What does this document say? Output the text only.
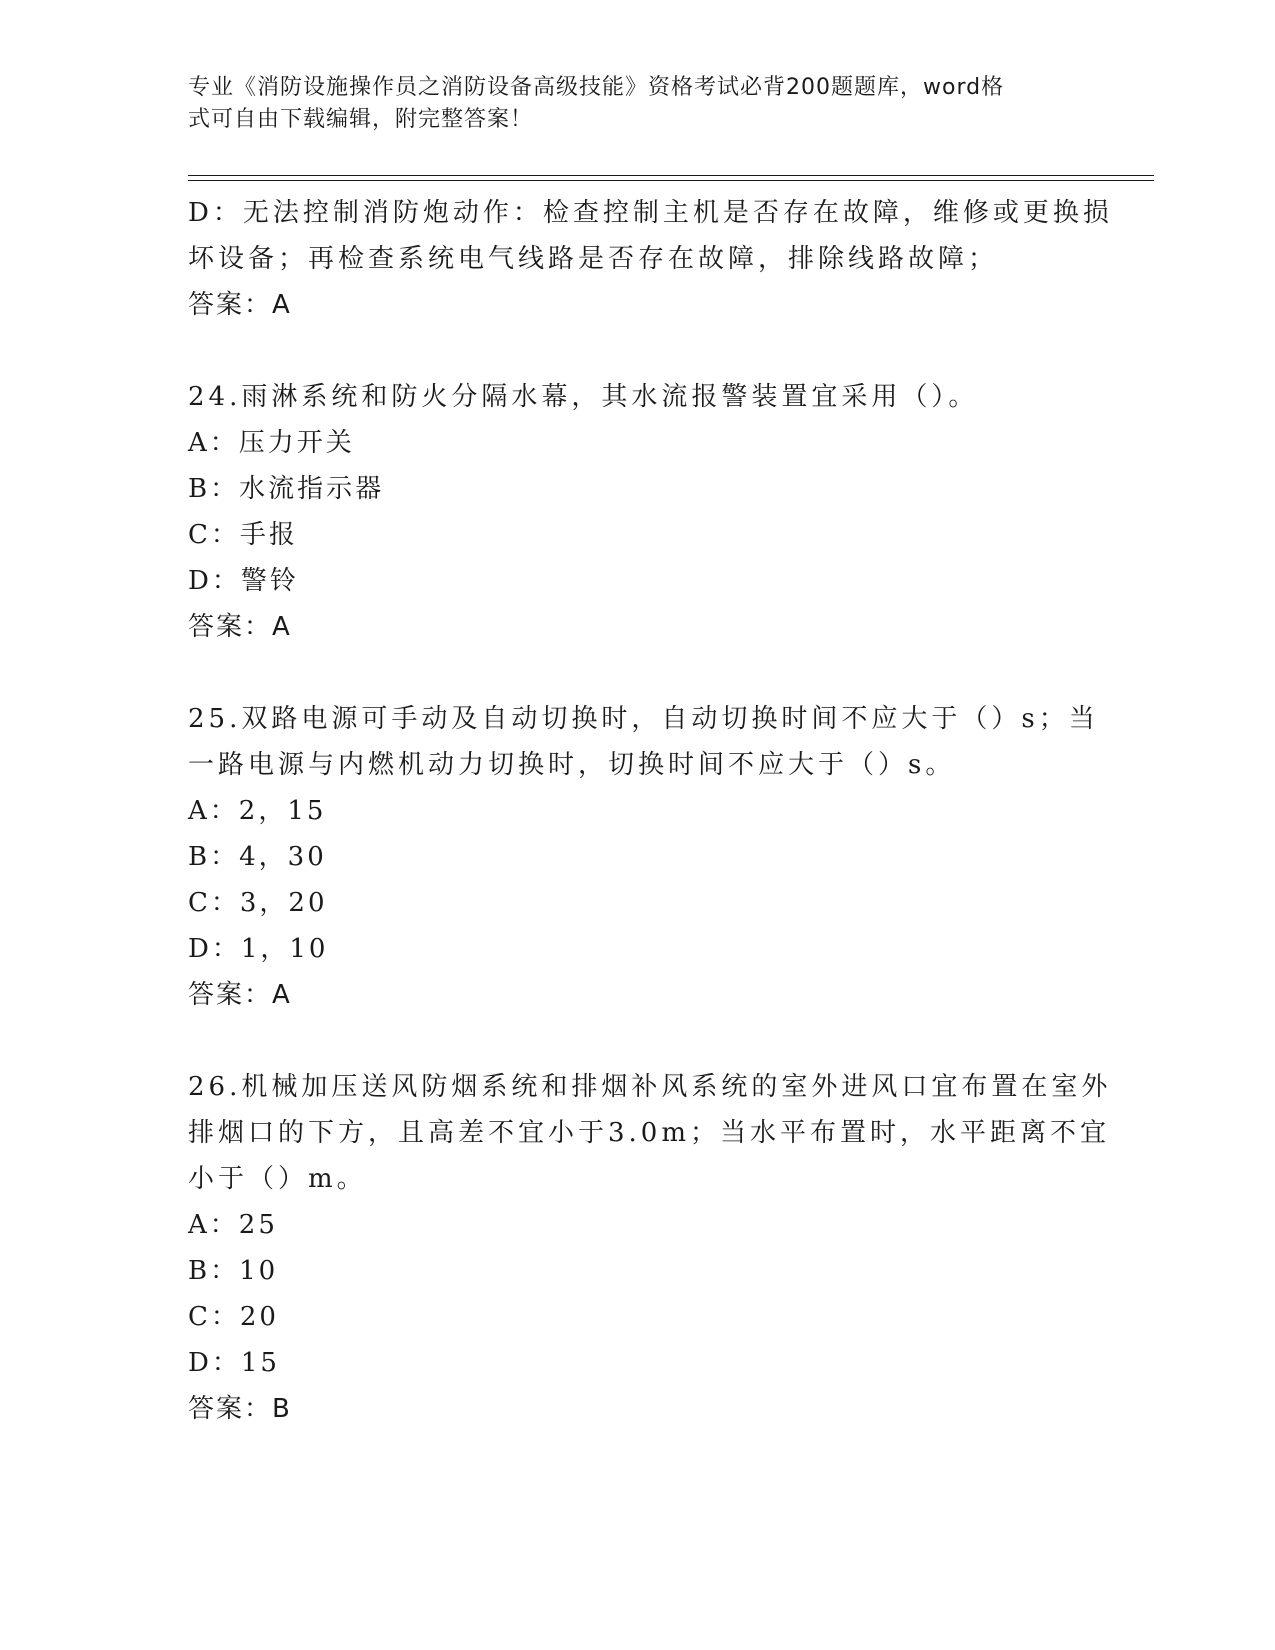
专业《消防设施操作员之消防设备高级技能》资格考试必背200题题库，word格
式可自由下载编辑，附完整答案！
D：无法控制消防炮动作：检查控制主机是否存在故障，维修或更换损
坏设备；再检查系统电气线路是否存在故障，排除线路故障；
答案：A
24.雨淋系统和防火分隔水幕，其水流报警装置宜采用（）。
A：压力开关
B：水流指示器
C：手报
D：警铃
答案：A
25.双路电源可手动及自动切换时，自动切换时间不应大于（）s；当
一路电源与内燃机动力切换时，切换时间不应大于（）s。
A：2，15
B：4，30
C：3，20
D：1，10
答案：A
26.机械加压送风防烟系统和排烟补风系统的室外进风口宜布置在室外
排烟口的下方，且高差不宜小于3.0m；当水平布置时，水平距离不宜
小于（）m。
A：25
B：10
C：20
D：15
答案：B
